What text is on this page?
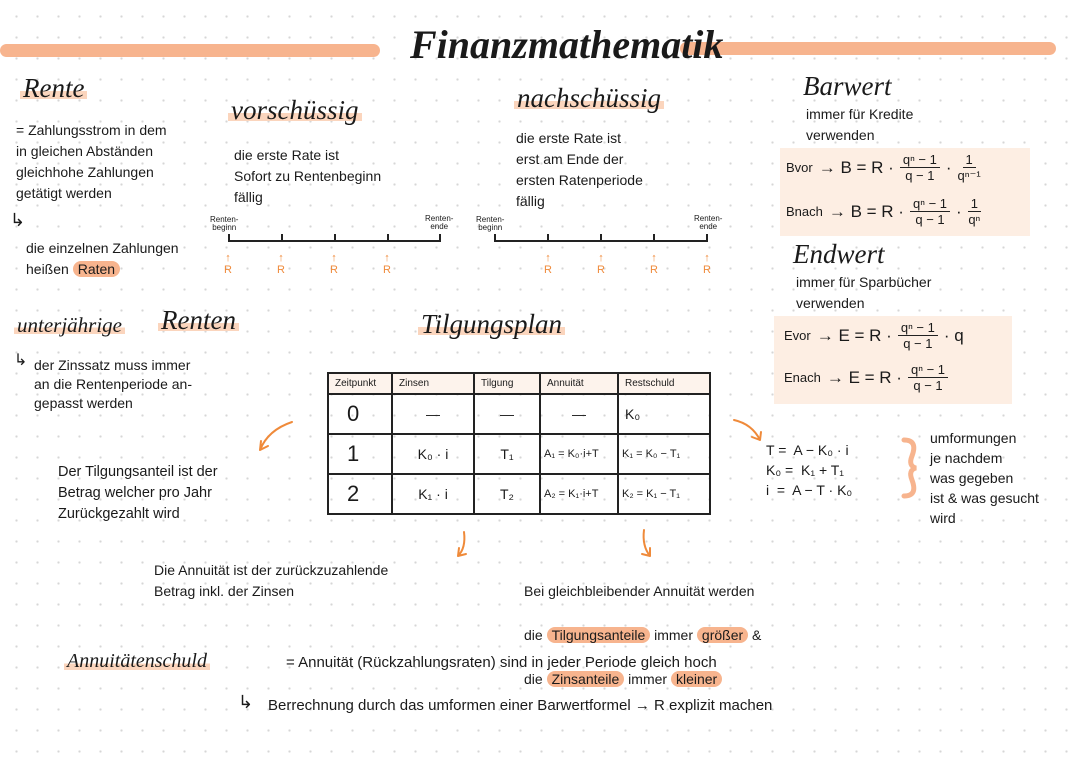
Finanzmathematik
Rente
= Zahlungsstrom in dem
in gleichen Abständen
gleichhohe Zahlungen
getätigt werden
↳
die einzelnen Zahlungen
heißen Raten
vorschüssig
die erste Rate ist
Sofort zu Rentenbeginn
fällig
Renten-
beginn
Renten-
ende
↑
R
↑
R
↑
R
↑
R
nachschüssig
die erste Rate ist
erst am Ende der
ersten Ratenperiode
fällig
Renten-
beginn
Renten-
ende
↑
R
↑
R
↑
R
↑
R
Barwert
immer für Kredite
verwenden
Bvor → $B = R \cdot \frac{\text{qⁿ − 1}}{q - 1} \cdot \frac{1}{\text{qⁿ⁻¹}}$
Bnach → $B = R \cdot \frac{\text{qⁿ − 1}}{q - 1} \cdot \frac{1}{\text{qⁿ}}$
Endwert
immer für Sparbücher
verwenden
Evor → $E = R \cdot \frac{\text{qⁿ − 1}}{q - 1} \cdot q$
Enach → $E = R \cdot \frac{\text{qⁿ − 1}}{q - 1}$
unterjährige Renten
↳ der Zinssatz muss immer
an die Rentenperiode an-
gepasst werden
Tilgungsplan
Zeitpunkt	Zinsen	Tilgung	Annuität	Restschuld
0	—	—	—	K₀
1	K₀ · i	T₁	A₁ = K₀·i+T	K₁ = K₀ − T₁
2	K₁ · i	T₂	A₂ = K₁·i+T	K₂ = K₁ − T₁
Der Tilgungsanteil ist der
Betrag welcher pro Jahr
Zurückgezahlt wird
Die Annuität ist der zurückzuzahlende
Betrag inkl. der Zinsen	Bei gleichbleibender Annuität werden

die Tilgungsanteile immer größer &

die Zinsanteile immer kleiner

T =  A − K₀ · i
K₀ =  K₁ + T₁
i  =  A − T · K₀
umformungen
je nachdem
was gegeben
ist & was gesucht
wird
Annuitätenschuld	= Annuität (Rückzahlungsraten) sind in jeder Periode gleich hoch
↳ Berrechnung durch das umformen einer Barwertformel → R explizit machen
